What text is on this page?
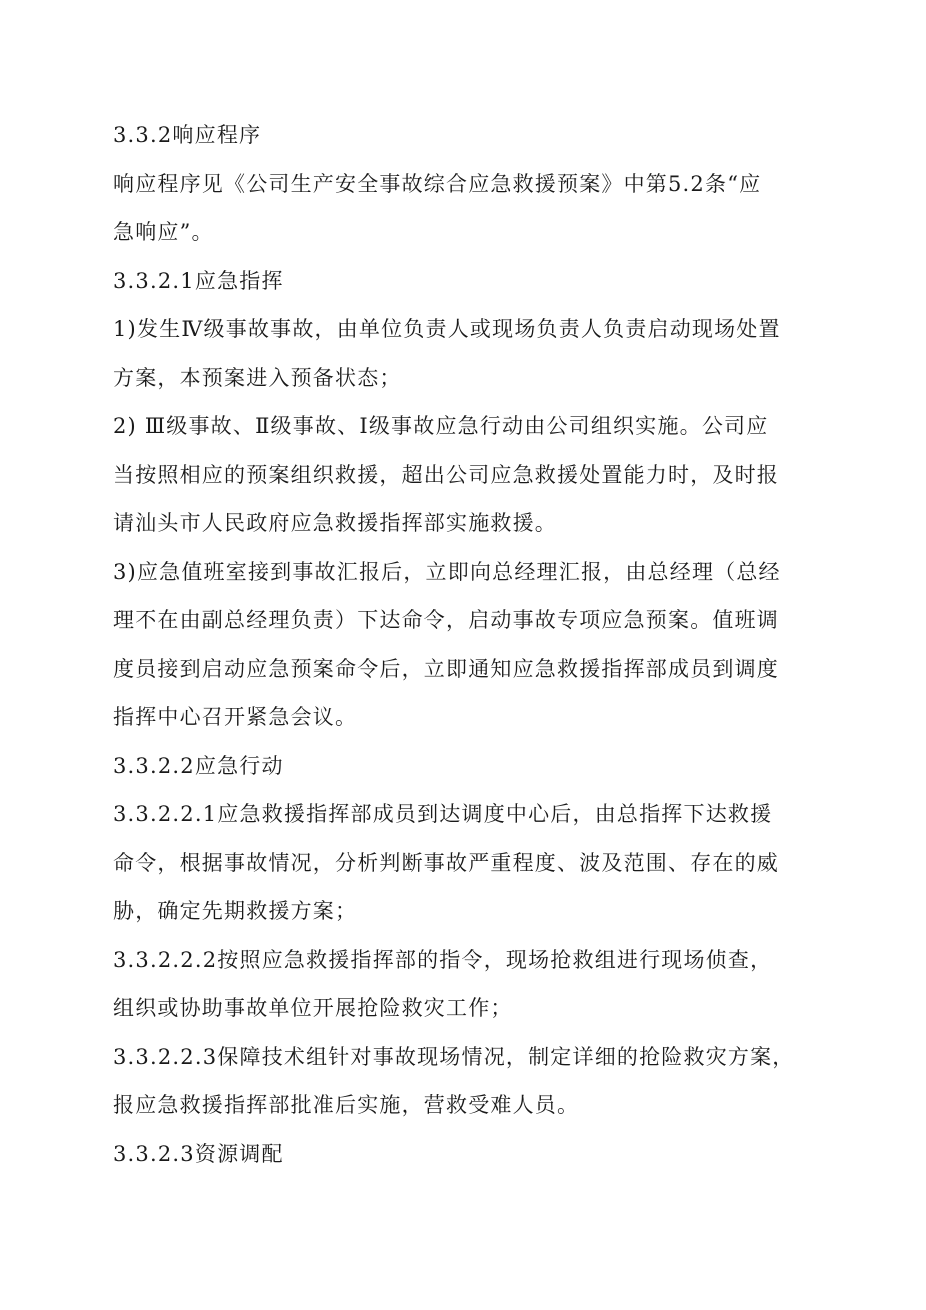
3.3.2响应程序
响应程序见《公司生产安全事故综合应急救援预案》中第5.2条“应
急响应”。
3.3.2.1应急指挥
1)发生Ⅳ级事故事故，由单位负责人或现场负责人负责启动现场处置
方案，本预案进入预备状态；
2) Ⅲ级事故、Ⅱ级事故、Ⅰ级事故应急行动由公司组织实施。公司应
当按照相应的预案组织救援，超出公司应急救援处置能力时，及时报
请汕头市人民政府应急救援指挥部实施救援。
3)应急值班室接到事故汇报后，立即向总经理汇报，由总经理（总经
理不在由副总经理负责）下达命令，启动事故专项应急预案。值班调
度员接到启动应急预案命令后，立即通知应急救援指挥部成员到调度
指挥中心召开紧急会议。
3.3.2.2应急行动
3.3.2.2.1应急救援指挥部成员到达调度中心后，由总指挥下达救援
命令，根据事故情况，分析判断事故严重程度、波及范围、存在的威
胁，确定先期救援方案；
3.3.2.2.2按照应急救援指挥部的指令，现场抢救组进行现场侦查，
组织或协助事故单位开展抢险救灾工作；
3.3.2.2.3保障技术组针对事故现场情况，制定详细的抢险救灾方案，
报应急救援指挥部批准后实施，营救受难人员。
3.3.2.3资源调配
